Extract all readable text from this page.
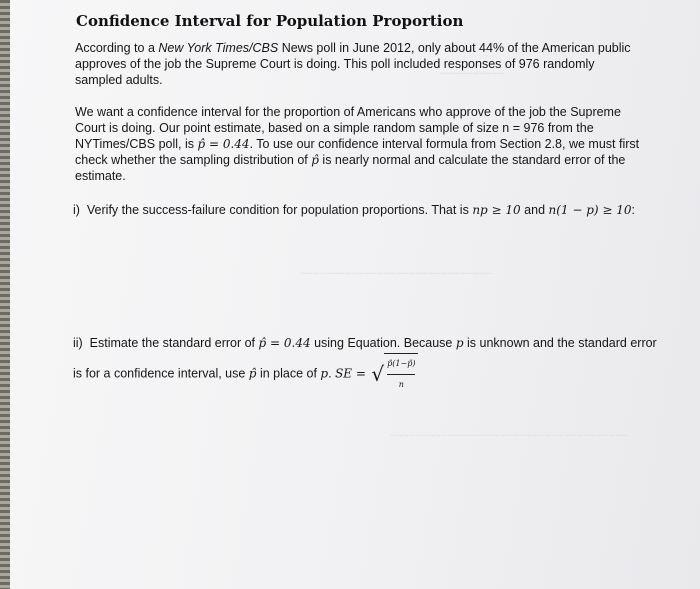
~~~~~~~~~~
Confidence Interval for Population Proportion
According to a New York Times/CBS News poll in June 2012, only about 44% of the American public approves of the job the Supreme Court is doing. This poll included responses of 976 randomly sampled adults.
We want a confidence interval for the proportion of Americans who approve of the job the Supreme Court is doing. Our point estimate, based on a simple random sample of size n = 976 from the NYTimes/CBS poll, is p̂ = 0.44. To use our confidence interval formula from Section 2.8, we must first check whether the sampling distribution of p̂ is nearly normal and calculate the standard error of the estimate.
i) Verify the success-failure condition for population proportions. That is np ≥ 10 and n(1 − p) ≥ 10:
~~~~~~~~~~~~~~~~~~~~~~~~~~~~~~
ii) Estimate the standard error of p̂ = 0.44 using Equation. Because p is unknown and the standard error is for a confidence interval, use p̂ in place of p. SE = √ $\frac{p̂(1-p̂)}{n}$
~~~~~~~~~~~~~~~~~~~~~~~~~~~~~~~~~~~~~
